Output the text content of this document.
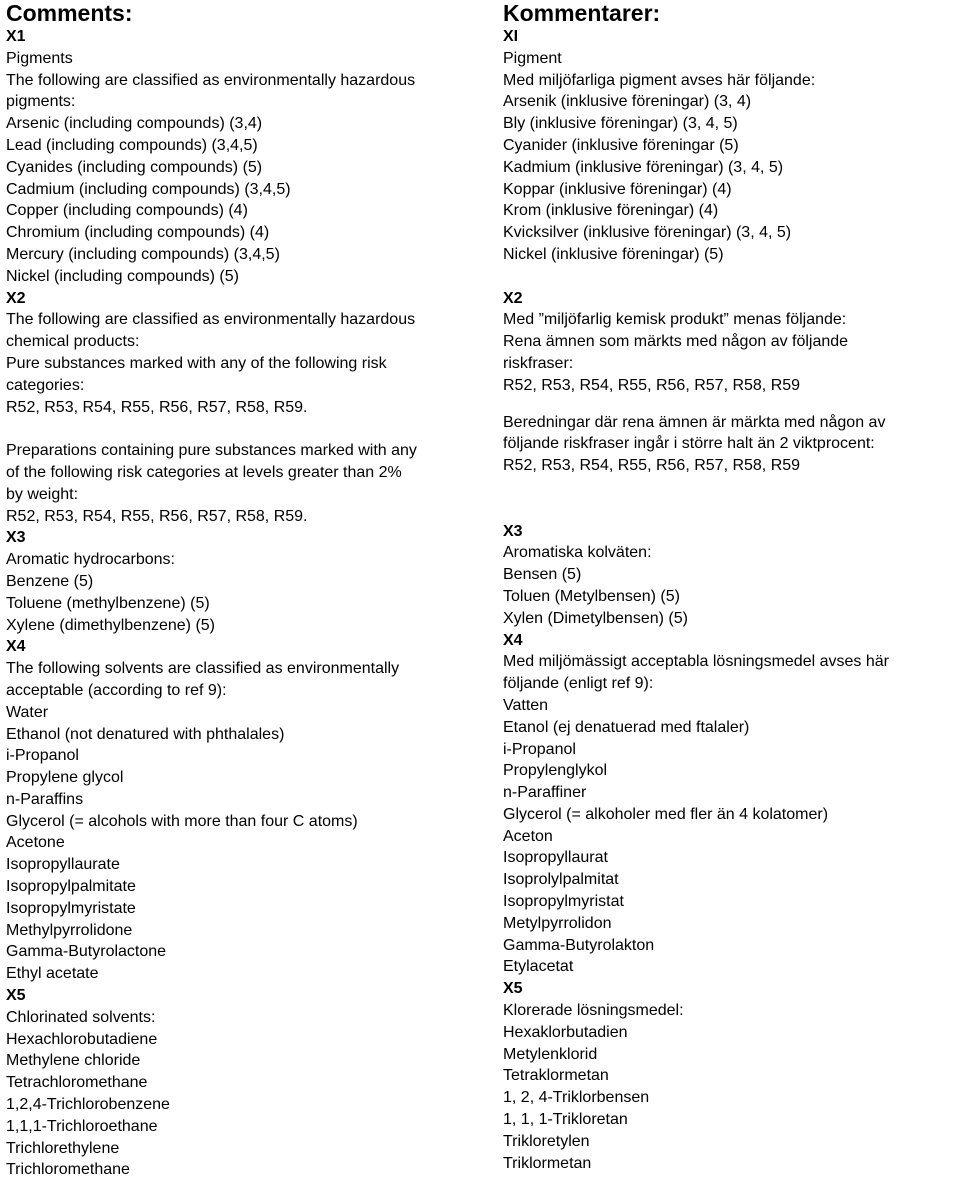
Comments:
X1
Pigments
The following are classified as environmentally hazardous
pigments:
Arsenic (including compounds) (3,4)
Lead (including compounds) (3,4,5)
Cyanides (including compounds) (5)
Cadmium (including compounds) (3,4,5)
Copper (including compounds) (4)
Chromium (including compounds) (4)
Mercury (including compounds) (3,4,5)
Nickel (including compounds) (5)
X2
The following are classified as environmentally hazardous
chemical products:
Pure substances marked with any of the following risk
categories:
R52, R53, R54, R55, R56, R57, R58, R59.
Preparations containing pure substances marked with any
of the following risk categories at levels greater than 2%
by weight:
R52, R53, R54, R55, R56, R57, R58, R59.
X3
Aromatic hydrocarbons:
Benzene (5)
Toluene (methylbenzene) (5)
Xylene (dimethylbenzene) (5)
X4
The following solvents are classified as environmentally
acceptable (according to ref 9):
Water
Ethanol (not denatured with phthalales)
i-Propanol
Propylene glycol
n-Paraffins
Glycerol (= alcohols with more than four C atoms)
Acetone
Isopropyllaurate
Isopropylpalmitate
Isopropylmyristate
Methylpyrrolidone
Gamma-Butyrolactone
Ethyl acetate
X5
Chlorinated solvents:
Hexachlorobutadiene
Methylene chloride
Tetrachloromethane
1,2,4-Trichlorobenzene
1,1,1-Trichloroethane
Trichlorethylene
Trichloromethane
Kommentarer:
XI
Pigment
Med miljöfarliga pigment avses här följande:
Arsenik (inklusive föreningar) (3, 4)
Bly (inklusive föreningar) (3, 4, 5)
Cyanider (inklusive föreningar (5)
Kadmium (inklusive föreningar) (3, 4, 5)
Koppar (inklusive föreningar) (4)
Krom (inklusive föreningar) (4)
Kvicksilver (inklusive föreningar) (3, 4, 5)
Nickel (inklusive föreningar) (5)
X2
Med ”miljöfarlig kemisk produkt” menas följande:
Rena ämnen som märkts med någon av följande
riskfraser:
R52, R53, R54, R55, R56, R57, R58, R59
Beredningar där rena ämnen är märkta med någon av
följande riskfraser ingår i större halt än 2 viktprocent:
R52, R53, R54, R55, R56, R57, R58, R59
X3
Aromatiska kolväten:
Bensen (5)
Toluen (Metylbensen) (5)
Xylen (Dimetylbensen) (5)
X4
Med miljömässigt acceptabla lösningsmedel avses här
följande (enligt ref 9):
Vatten
Etanol (ej denatuerad med ftalaler)
i-Propanol
Propylenglykol
n-Paraffiner
Glycerol (= alkoholer med fler än 4 kolatomer)
Aceton
Isopropyllaurat
Isoprolylpalmitat
Isopropylmyristat
Metylpyrrolidon
Gamma-Butyrolakton
Etylacetat
X5
Klorerade lösningsmedel:
Hexaklorbutadien
Metylenklorid
Tetraklormetan
1, 2, 4-Triklorbensen
1, 1, 1-Trikloretan
Trikloretylen
Triklormetan
